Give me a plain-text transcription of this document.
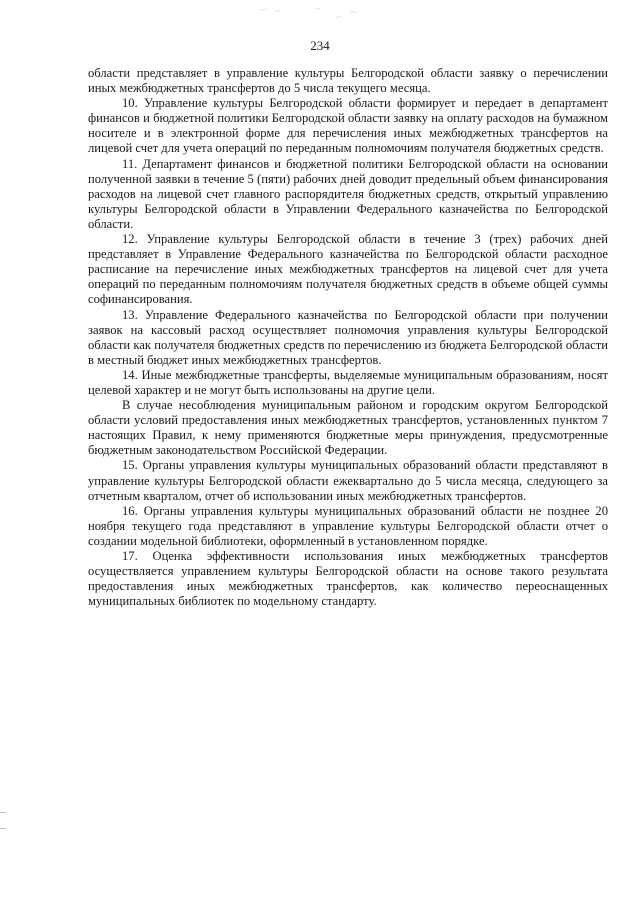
234

области представляет в управление культуры Белгородской области заявку о перечислении иных межбюджетных трансфертов до 5 числа текущего месяца.

10. Управление культуры Белгородской области формирует и передает в департамент финансов и бюджетной политики Белгородской области заявку на оплату расходов на бумажном носителе и в электронной форме для перечисления иных межбюджетных трансфертов на лицевой счет для учета операций по переданным полномочиям получателя бюджетных средств.

11. Департамент финансов и бюджетной политики Белгородской области на основании полученной заявки в течение 5 (пяти) рабочих дней доводит предельный объем финансирования расходов на лицевой счет главного распорядителя бюджетных средств, открытый управлению культуры Белгородской области в Управлении Федерального казначейства по Белгородской области.

12. Управление культуры Белгородской области в течение 3 (трех) рабочих дней представляет в Управление Федерального казначейства по Белгородской области расходное расписание на перечисление иных межбюджетных трансфертов на лицевой счет для учета операций по переданным полномочиям получателя бюджетных средств в объеме общей суммы софинансирования.

13. Управление Федерального казначейства по Белгородской области при получении заявок на кассовый расход осуществляет полномочия управления культуры Белгородской области как получателя бюджетных средств по перечислению из бюджета Белгородской области в местный бюджет иных межбюджетных трансфертов.

14. Иные межбюджетные трансферты, выделяемые муниципальным образованиям, носят целевой характер и не могут быть использованы на другие цели.

В случае несоблюдения муниципальным районом и городским округом Белгородской области условий предоставления иных межбюджетных трансфертов, установленных пунктом 7 настоящих Правил, к нему применяются бюджетные меры принуждения, предусмотренные бюджетным законодательством Российской Федерации.

15. Органы управления культуры муниципальных образований области представляют в управление культуры Белгородской области ежеквартально до 5 числа месяца, следующего за отчетным кварталом, отчет об использовании иных межбюджетных трансфертов.

16. Органы управления культуры муниципальных образований области не позднее 20 ноября текущего года представляют в управление культуры Белгородской области отчет о создании модельной библиотеки, оформленный в установленном порядке.

17. Оценка эффективности использования иных межбюджетных трансфертов осуществляется управлением культуры Белгородской области на основе такого результата предоставления иных межбюджетных трансфертов, как количество переоснащенных муниципальных библиотек по модельному стандарту.
